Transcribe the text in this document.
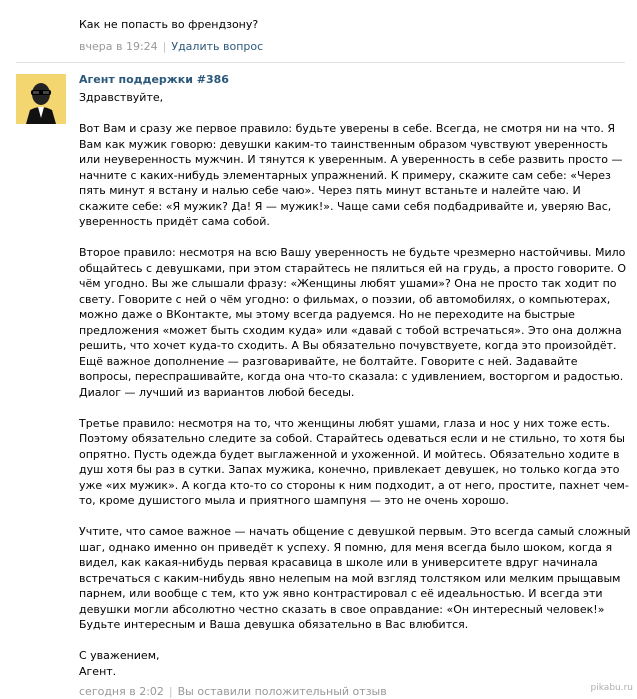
Как не попасть во френдзону?
вчера в 19:24 | Удалить вопрос
Агент поддержки #386

Здравствуйте,

Вот Вам и сразу же первое правило: будьте уверены в себе. Всегда, не смотря ни на что. Я Вам как мужик говорю: девушки каким-то таинственным образом чувствуют уверенность или неуверенность мужчин. И тянутся к уверенным. А уверенность в себе развить просто — начните с каких-нибудь элементарных упражнений. К примеру, скажите сам себе: «Через пять минут я встану и налью себе чаю». Через пять минут встаньте и налейте чаю. И скажите себе: «Я мужик? Да! Я — мужик!». Чаще сами себя подбадривайте и, уверяю Вас, уверенность придёт сама собой.

Второе правило: несмотря на всю Вашу уверенность не будьте чрезмерно настойчивы. Мило общайтесь с девушками, при этом старайтесь не пялиться ей на грудь, а просто говорите. О чём угодно. Вы же слышали фразу: «Женщины любят ушами»? Она не просто так ходит по свету. Говорите с ней о чём угодно: о фильмах, о поэзии, об автомобилях, о компьютерах, можно даже о ВКонтакте, мы этому всегда радуемся. Но не переходите на быстрые предложения «может быть сходим куда» или «давай с тобой встречаться». Это она должна решить, что хочет куда-то сходить. А Вы обязательно почувствуете, когда это произойдёт. Ещё важное дополнение — разговаривайте, не болтайте. Говорите с ней. Задавайте вопросы, переспрашивайте, когда она что-то сказала: с удивлением, восторгом и радостью. Диалог — лучший из вариантов любой беседы.

Третье правило: несмотря на то, что женщины любят ушами, глаза и нос у них тоже есть. Поэтому обязательно следите за собой. Старайтесь одеваться если и не стильно, то хотя бы опрятно. Пусть одежда будет выглаженной и ухоженной. И мойтесь. Обязательно ходите в душ хотя бы раз в сутки. Запах мужика, конечно, привлекает девушек, но только когда это уже «их мужик». А когда кто-то со стороны к ним подходит, а от него, простите, пахнет чем-то, кроме душистого мыла и приятного шампуня — это не очень хорошо.

Учтите, что самое важное — начать общение с девушкой первым. Это всегда самый сложный шаг, однако именно он приведёт к успеху. Я помню, для меня всегда было шоком, когда я видел, как какая-нибудь первая красавица в школе или в университете вдруг начинала встречаться с каким-нибудь явно нелепым на мой взгляд толстяком или мелким прыщавым парнем, или вообще с тем, кто уж явно контрастировал с её идеальностью. И всегда эти девушки могли абсолютно честно сказать в свое оправдание: «Он интересный человек!»

Будьте интересным и Ваша девушка обязательно в Вас влюбится.

С уважением,

Агент.

сегодня в 2:02 | Вы оставили положительный отзыв	pikabu.ru
